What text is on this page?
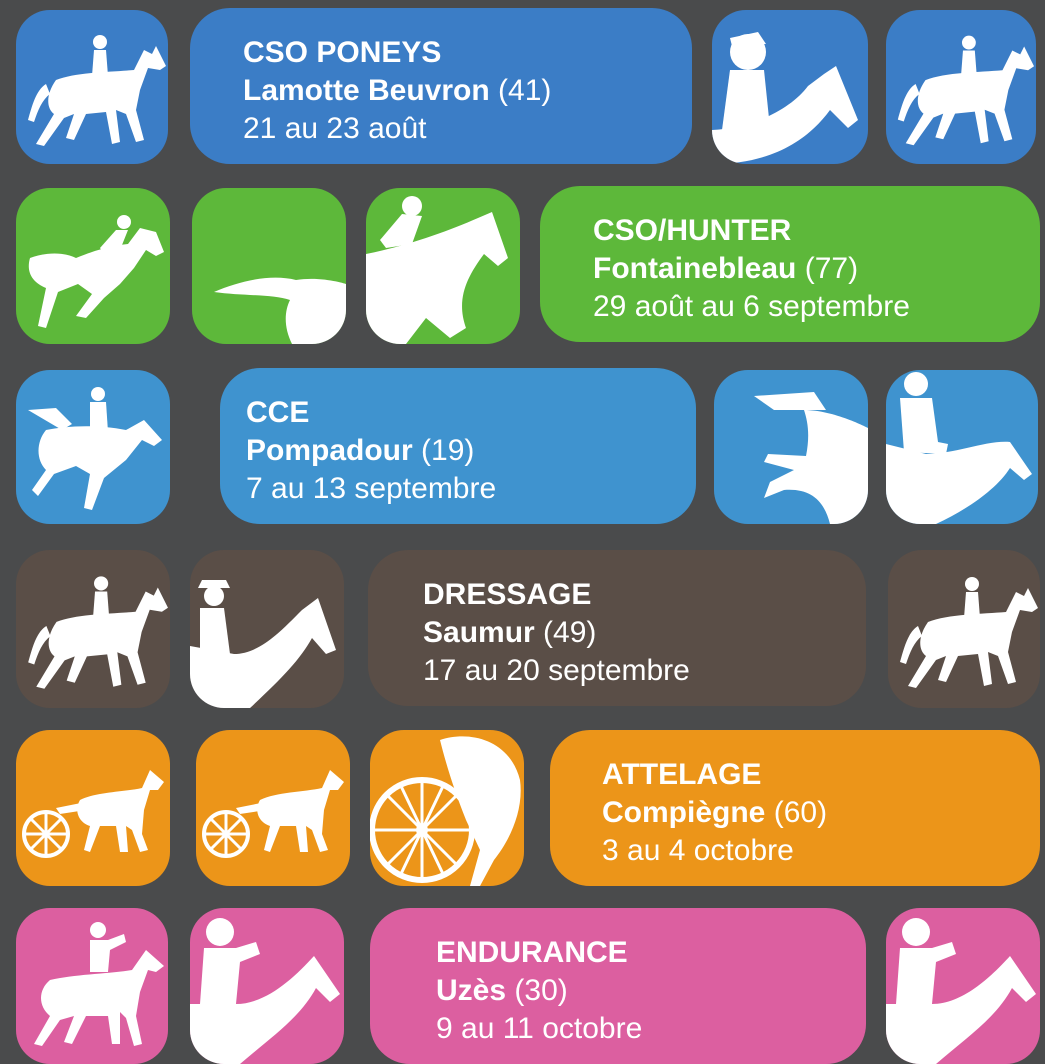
CSO PONEYS
Lamotte Beuvron (41)
21 au 23 août
CSO/HUNTER
Fontainebleau (77)
29 août au 6 septembre
CCE
Pompadour (19)
7 au 13 septembre
DRESSAGE
Saumur (49)
17 au 20 septembre
ATTELAGE
Compiègne (60)
3 au 4 octobre
ENDURANCE
Uzès (30)
9 au 11 octobre
